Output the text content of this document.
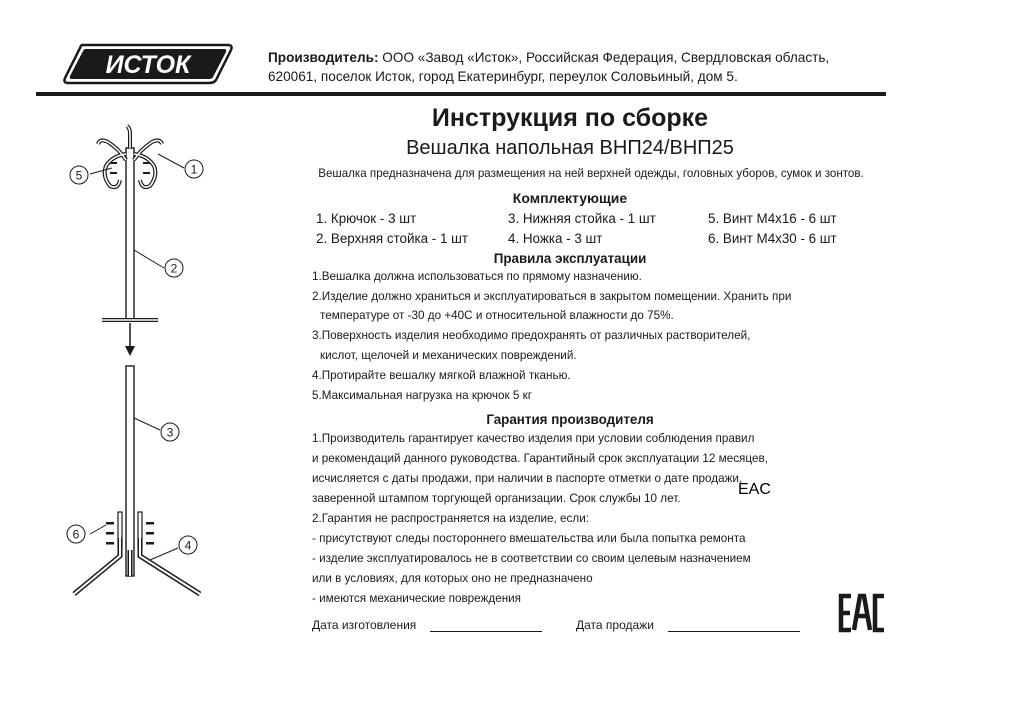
ИСТОК	Производитель: ООО «Завод «Исток», Российская Федерация, Свердловская область,
620061, поселок Исток, город Екатеринбург, переулок Соловьиный, дом 5.
Инструкция по сборке
Вешалка напольная ВНП24/ВНП25
Вешалка предназначена для размещения на ней верхней одежды, головных уборов, сумок и зонтов.
Комплектующие
1. Крючок - 3 шт
2. Верхняя стойка - 1 шт
3. Нижняя стойка - 1 шт
4. Ножка - 3 шт
5. Винт М4х16 - 6 шт
6. Винт М4х30 - 6 шт
Правила эксплуатации
1.Вешалка должна использоваться по прямому назначению.
2.Изделие должно храниться и эксплуатироваться в закрытом помещении. Хранить при
температуре от -30 до +40С и относительной влажности до 75%.
3.Поверхность изделия необходимо предохранять от различных растворителей,
кислот, щелочей и механических повреждений.
4.Протирайте вешалку мягкой влажной тканью.
5.Максимальная нагрузка на крючок 5 кг
Гарантия производителя
1.Производитель гарантирует качество изделия при условии соблюдения правил
и рекомендаций данного руководства. Гарантийный срок эксплуатации 12 месяцев,
исчисляется с даты продажи, при наличии в паспорте отметки о дате продажи,
заверенной штампом торгующей организации. Срок службы 10 лет.
2.Гарантия не распространяется на изделие, если:
- присутствуют следы постороннего вмешательства или была попытка ремонта
- изделие эксплуатировалось не в соответствии со своим целевым назначением
или в условиях, для которых оно не предназначено
- имеются механические повреждения
Дата изготовления	Дата продажи
EAC
1
2
3
4
5
6
